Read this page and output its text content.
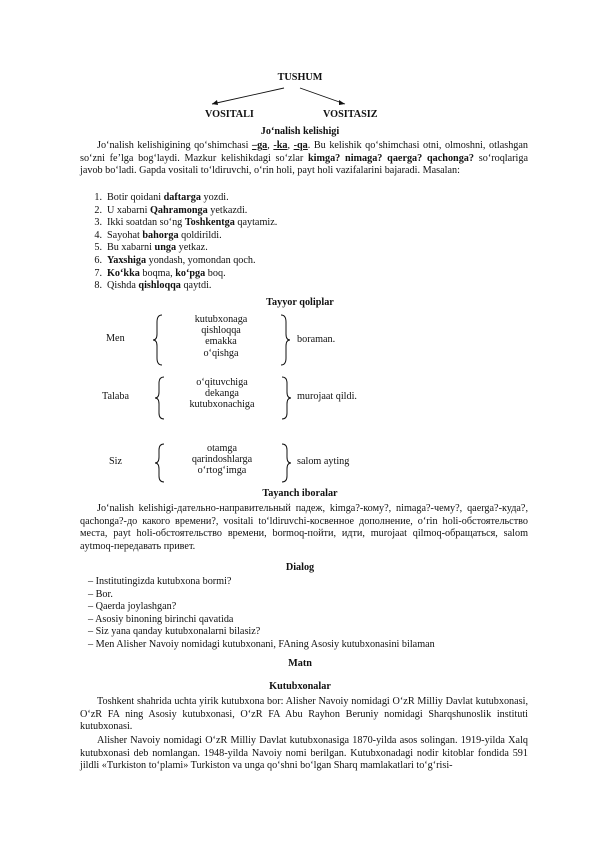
TUSHUM
VOSITALI	VOSITASIZ
Jo‘nalish kelishigi
Jo‘nalish kelishigining qo‘shimchasi –ga, -ka, -qa. Bu kelishik qo‘shimchasi otni, olmoshni, otlashgan so‘zni fe’lga bog‘laydi. Mazkur kelishikdagi so‘zlar kimga? nimaga? qaerga? qachonga? so‘roqlariga javob bo‘ladi. Gapda vositali to‘ldiruvchi, o‘rin holi, payt holi vazifalarini bajaradi. Masalan:
1. Botir qoidani daftarga yozdi.
2. U xabarni Qahramonga yetkazdi.
3. Ikki soatdan so‘ng Toshkentga qaytamiz.
4. Sayohat bahorga qoldirildi.
5. Bu xabarni unga yetkaz.
6. Yaxshiga yondash, yomondan qoch.
7. Ko‘kka boqma, ko‘pga boq.
8. Qishda qishloqqa qaytdi.
Tayyor qoliplar
Men
kutubxonaga
qishloqqa
emakka
o‘qishga
boraman.
Talaba
o‘qituvchiga
dekanga
kutubxonachiga
murojaat qildi.
Siz
otamga
qarindoshlarga
o‘rtog‘imga
salom ayting
Tayanch iboralar
Jo‘nalish kelishigi-дательно-направительный падеж, kimga?-кому?, nimaga?-чему?, qaerga?-куда?, qachonga?-до какого времени?, vositali to‘ldiruvchi-косвенное дополнение, o‘rin holi-обстоятельство места, payt holi-обстоятельство времени, bormoq-пойти, идти, murojaat qilmoq-обращаться, salom aytmoq-передавать привет.
Dialog
– Institutingizda kutubxona bormi?
– Bor.
– Qaerda joylashgan?
– Asosiy binoning birinchi qavatida
– Siz yana qanday kutubxonalarni bilasiz?
– Men Alisher Navoiy nomidagi kutubxonani, FAning Asosiy kutubxonasini bilaman
Matn
Kutubxonalar
Toshkent shahrida uchta yirik kutubxona bor: Alisher Navoiy nomidagi O‘zR Milliy Davlat kutubxonasi, O‘zR FA ning Asosiy kutubxonasi, O‘zR FA Abu Rayhon Beruniy nomidagi Sharqshunoslik instituti kutubxonasi.
Alisher Navoiy nomidagi O‘zR Milliy Davlat kutubxonasiga 1870-yilda asos solingan. 1919-yilda Xalq kutubxonasi deb nomlangan. 1948-yilda Navoiy nomi berilgan. Kutubxonadagi nodir kitoblar fondida 591 jildli «Turkiston to‘plami» Turkiston va unga qo‘shni bo‘lgan Sharq mamlakatlari to‘g‘risi-
